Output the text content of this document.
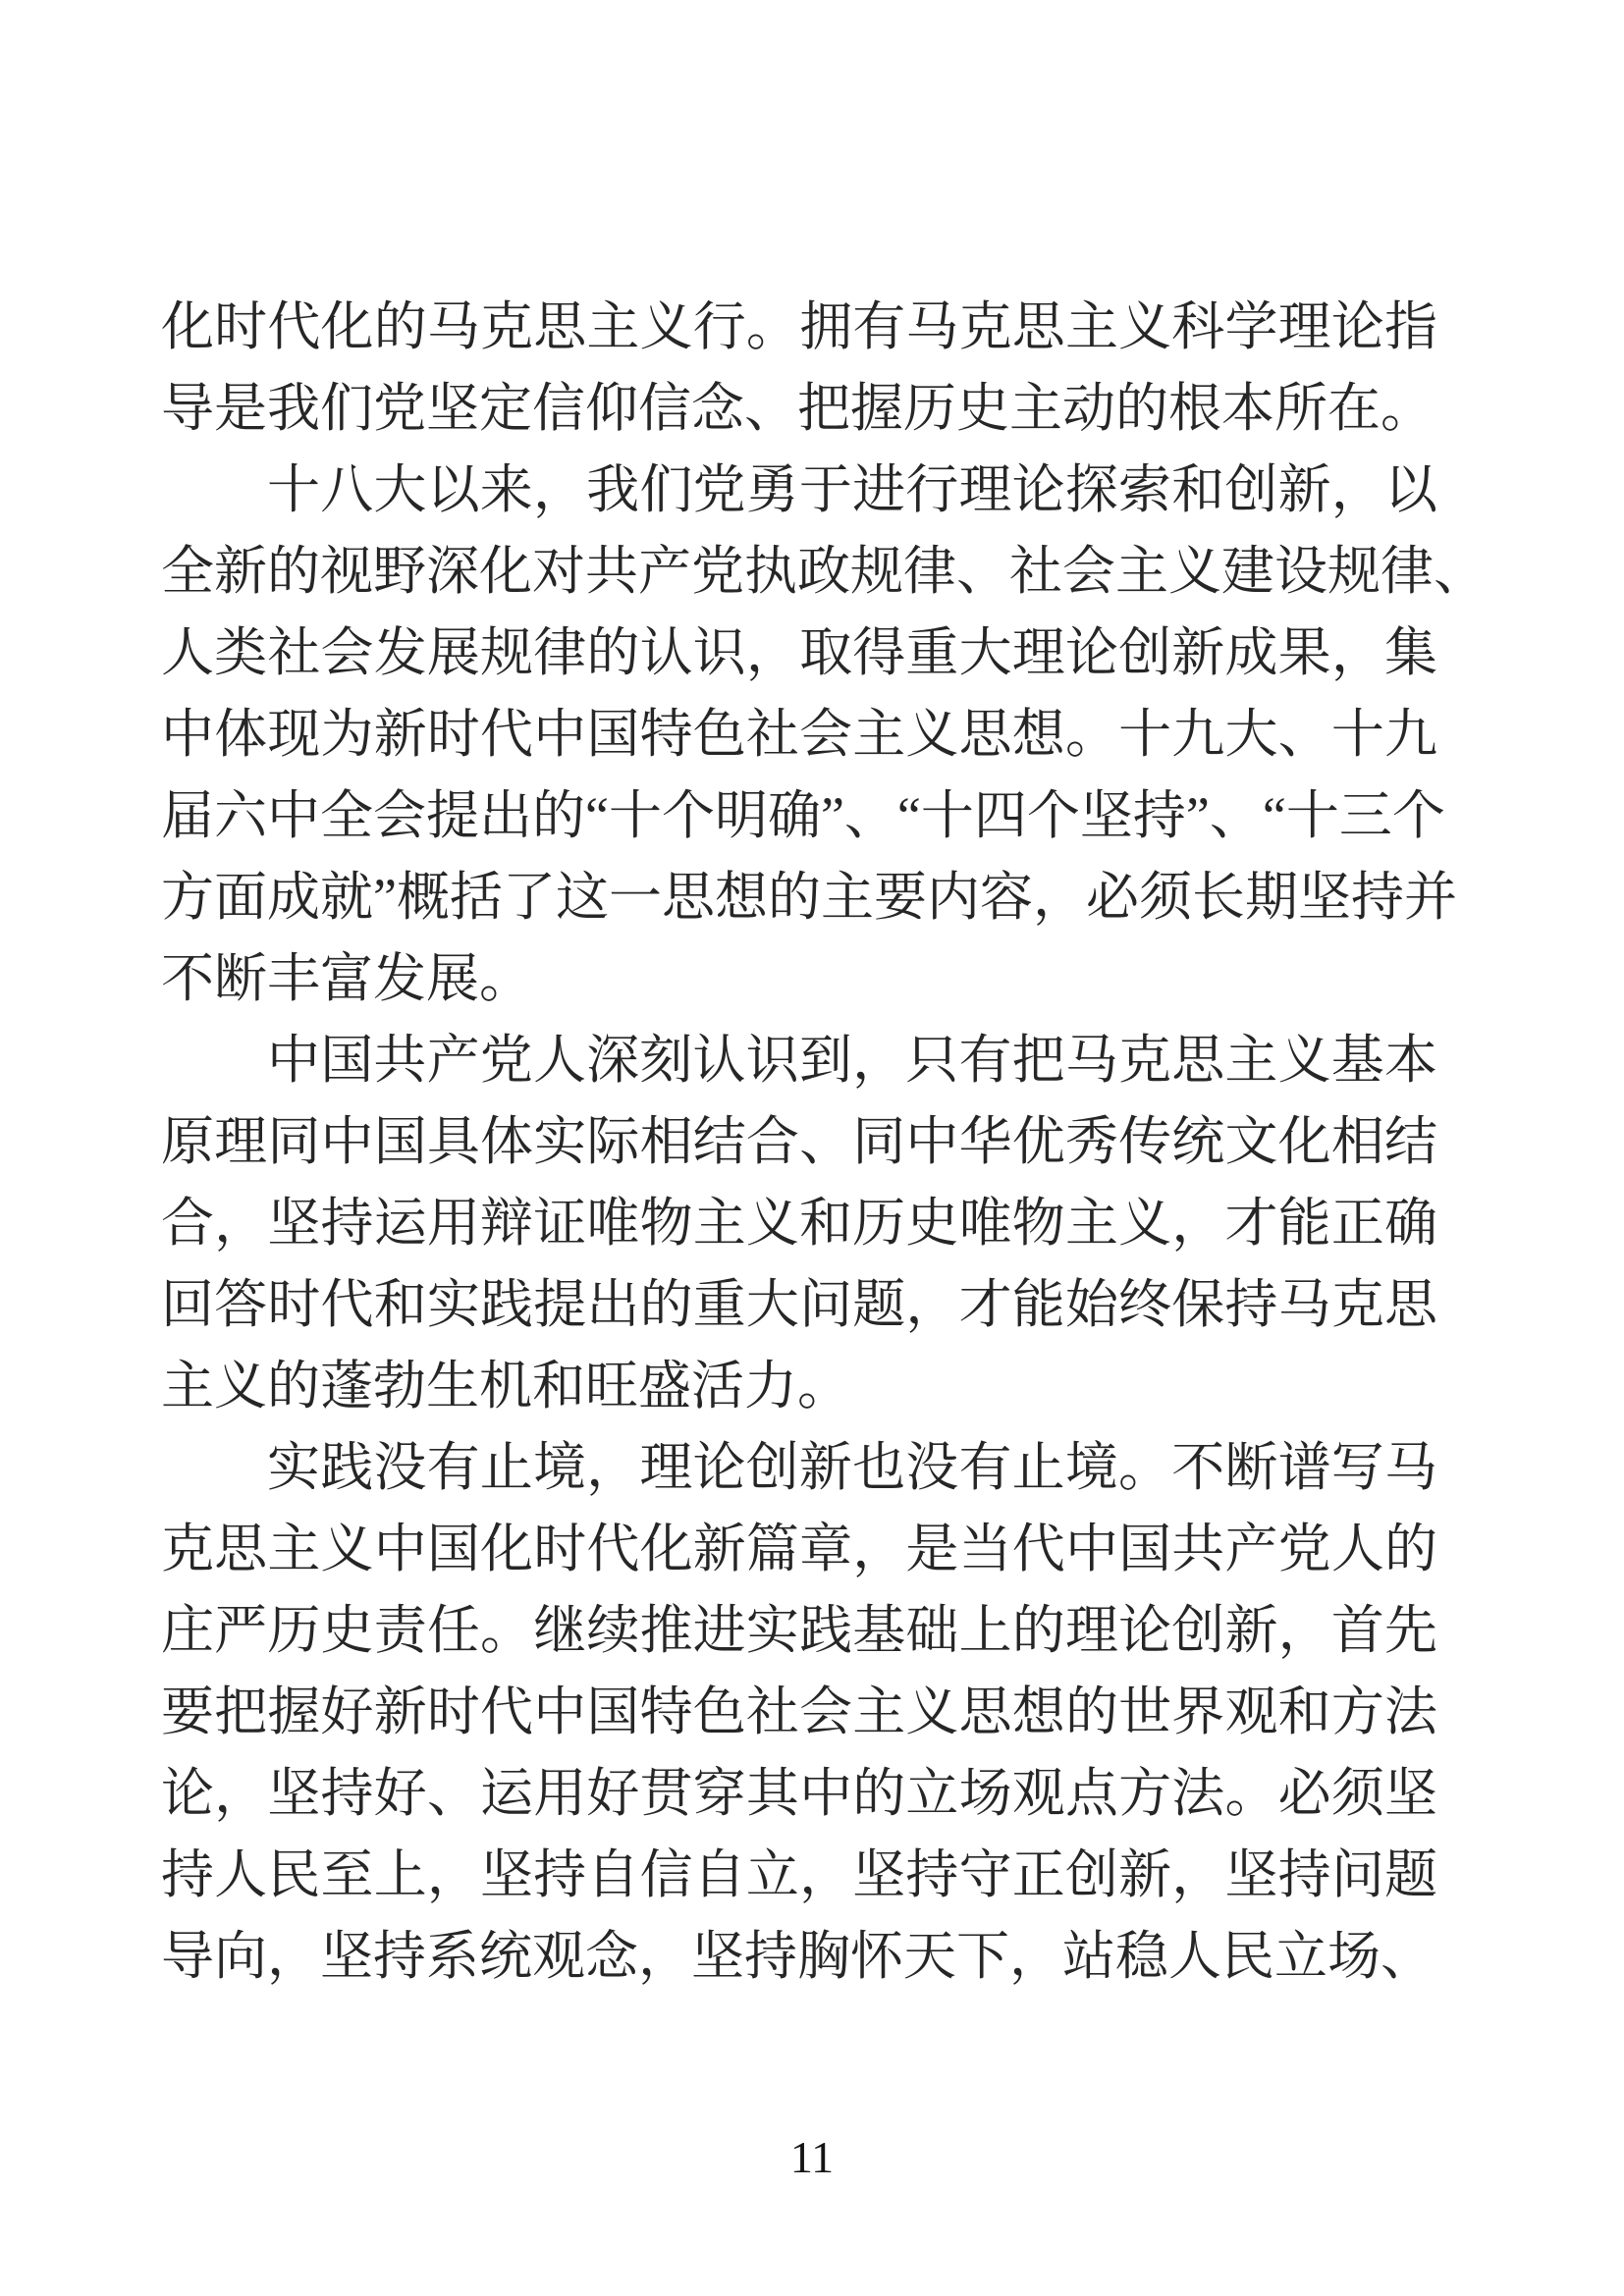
化时代化的马克思主义行。拥有马克思主义科学理论指
导是我们党坚定信仰信念、把握历史主动的根本所在。
十八大以来，我们党勇于进行理论探索和创新，以
全新的视野深化对共产党执政规律、社会主义建设规律、
人类社会发展规律的认识，取得重大理论创新成果，集
中体现为新时代中国特色社会主义思想。十九大、十九
届六中全会提出的“十个明确”、“十四个坚持”、“十三个
方面成就”概括了这一思想的主要内容，必须长期坚持并
不断丰富发展。
中国共产党人深刻认识到，只有把马克思主义基本
原理同中国具体实际相结合、同中华优秀传统文化相结
合，坚持运用辩证唯物主义和历史唯物主义，才能正确
回答时代和实践提出的重大问题，才能始终保持马克思
主义的蓬勃生机和旺盛活力。
实践没有止境，理论创新也没有止境。不断谱写马
克思主义中国化时代化新篇章，是当代中国共产党人的
庄严历史责任。继续推进实践基础上的理论创新，首先
要把握好新时代中国特色社会主义思想的世界观和方法
论，坚持好、运用好贯穿其中的立场观点方法。必须坚
持人民至上，坚持自信自立，坚持守正创新，坚持问题
导向，坚持系统观念，坚持胸怀天下，站稳人民立场、
11
